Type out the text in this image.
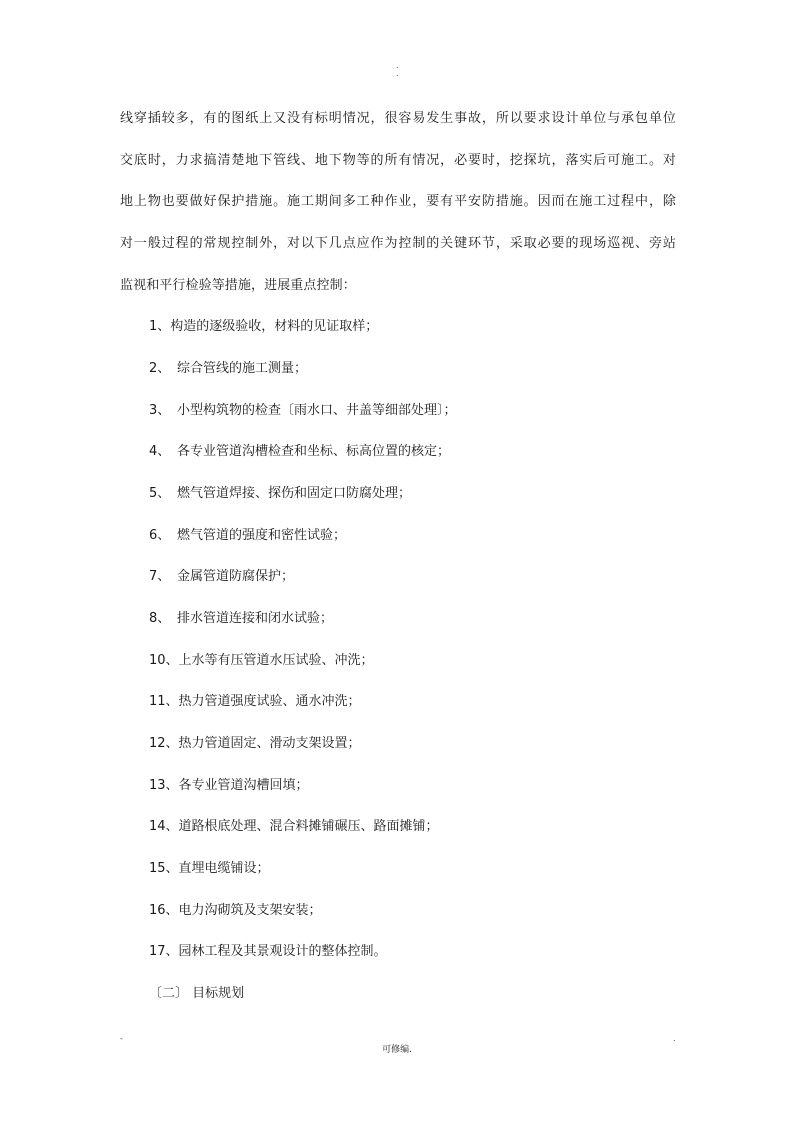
.
.
线穿插较多，有的图纸上又没有标明情况，很容易发生事故，所以要求设计单位与承包单位
交底时，力求搞清楚地下管线、地下物等的所有情况，必要时，挖探坑，落实后可施工。对
地上物也要做好保护措施。施工期间多工种作业，要有平安防措施。因而在施工过程中，除
对一般过程的常规控制外，对以下几点应作为控制的关键环节，采取必要的现场巡视、旁站
监视和平行检验等措施，进展重点控制：
1、 构造的逐级验收，材料的见证取样；
2、 综合管线的施工测量；
3、 小型构筑物的检查〔雨水口、井盖等细部处理〕；
4、 各专业管道沟槽检查和坐标、标高位置的核定；
5、 燃气管道焊接、探伤和固定口防腐处理；
6、 燃气管道的强度和密性试验；
7、 金属管道防腐保护；
8、 排水管道连接和闭水试验；
10、 上水等有压管道水压试验、冲洗；
11、 热力管道强度试验、通水冲洗；
12、 热力管道固定、滑动支架设置；
13、 各专业管道沟槽回填；
14、 道路根底处理、混合料摊铺碾压、路面摊铺；
15、 直埋电缆铺设；
16、 电力沟砌筑及支架安装；
17、 园林工程及其景观设计的整体控制。
〔二〕 目标规划
-	.
可修编.
